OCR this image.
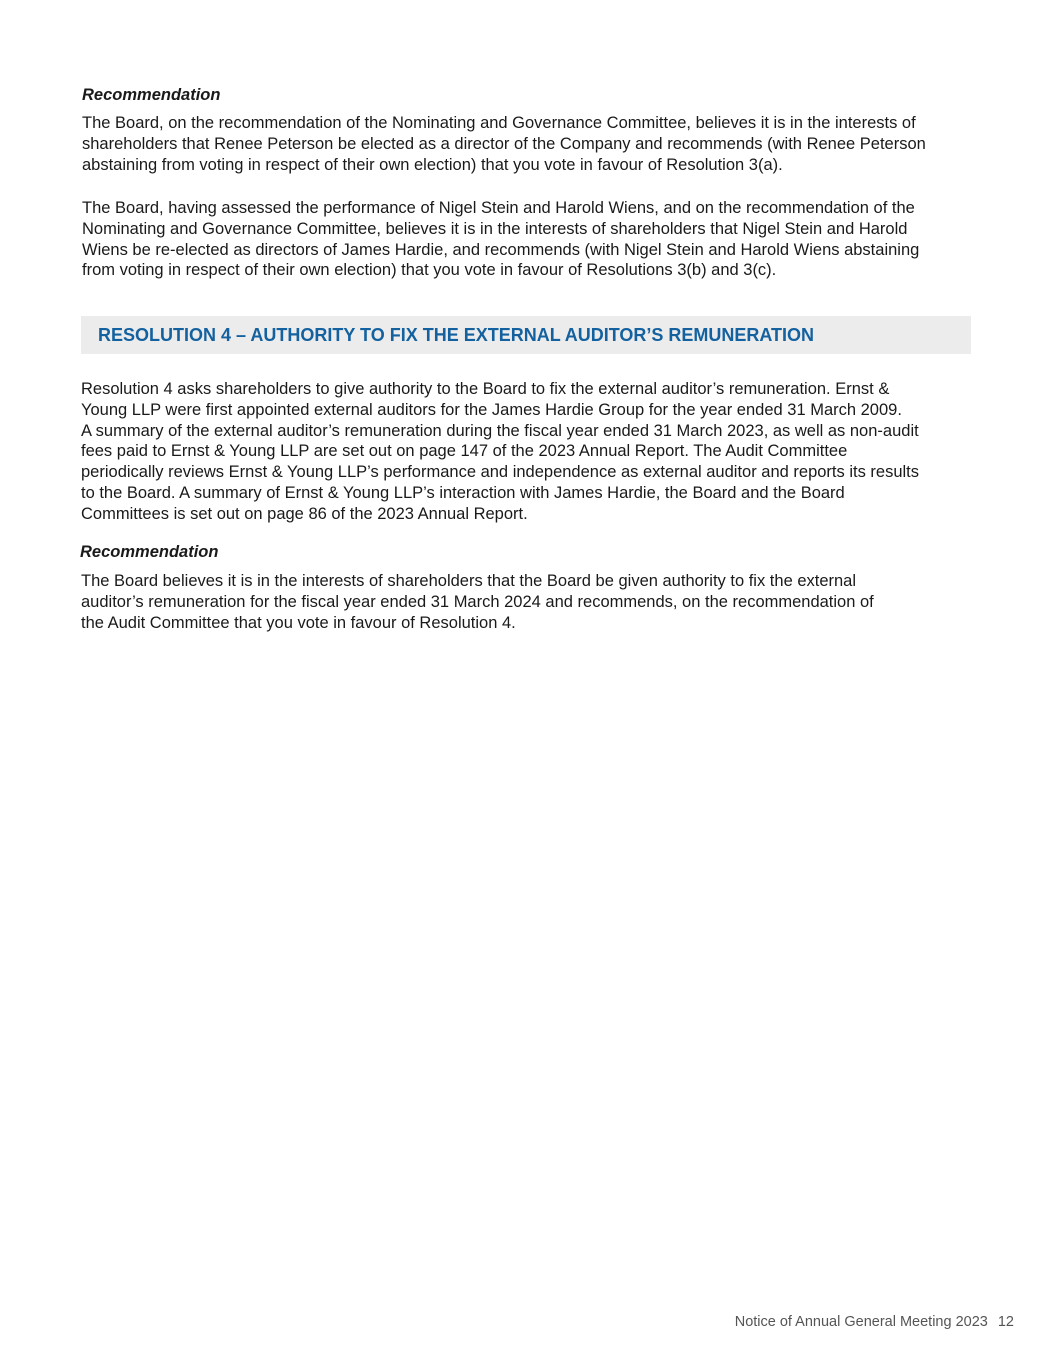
Recommendation

The Board, on the recommendation of the Nominating and Governance Committee, believes it is in the interests of
shareholders that Renee Peterson be elected as a director of the Company and recommends (with Renee Peterson
abstaining from voting in respect of their own election) that you vote in favour of Resolution 3(a).

The Board, having assessed the performance of Nigel Stein and Harold Wiens, and on the recommendation of the
Nominating and Governance Committee, believes it is in the interests of shareholders that Nigel Stein and Harold
Wiens be re-elected as directors of James Hardie, and recommends (with Nigel Stein and Harold Wiens abstaining
from voting in respect of their own election) that you vote in favour of Resolutions 3(b) and 3(c).

RESOLUTION 4 – AUTHORITY TO FIX THE EXTERNAL AUDITOR’S REMUNERATION

Resolution 4 asks shareholders to give authority to the Board to fix the external auditor’s remuneration. Ernst &
Young LLP were first appointed external auditors for the James Hardie Group for the year ended 31 March 2009.
A summary of the external auditor’s remuneration during the fiscal year ended 31 March 2023, as well as non-audit
fees paid to Ernst & Young LLP are set out on page 147 of the 2023 Annual Report. The Audit Committee
periodically reviews Ernst & Young LLP’s performance and independence as external auditor and reports its results
to the Board. A summary of Ernst & Young LLP’s interaction with James Hardie, the Board and the Board
Committees is set out on page 86 of the 2023 Annual Report.

Recommendation

The Board believes it is in the interests of shareholders that the Board be given authority to fix the external
auditor’s remuneration for the fiscal year ended 31 March 2024 and recommends, on the recommendation of
the Audit Committee that you vote in favour of Resolution 4.

Notice of Annual General Meeting 2023 12
